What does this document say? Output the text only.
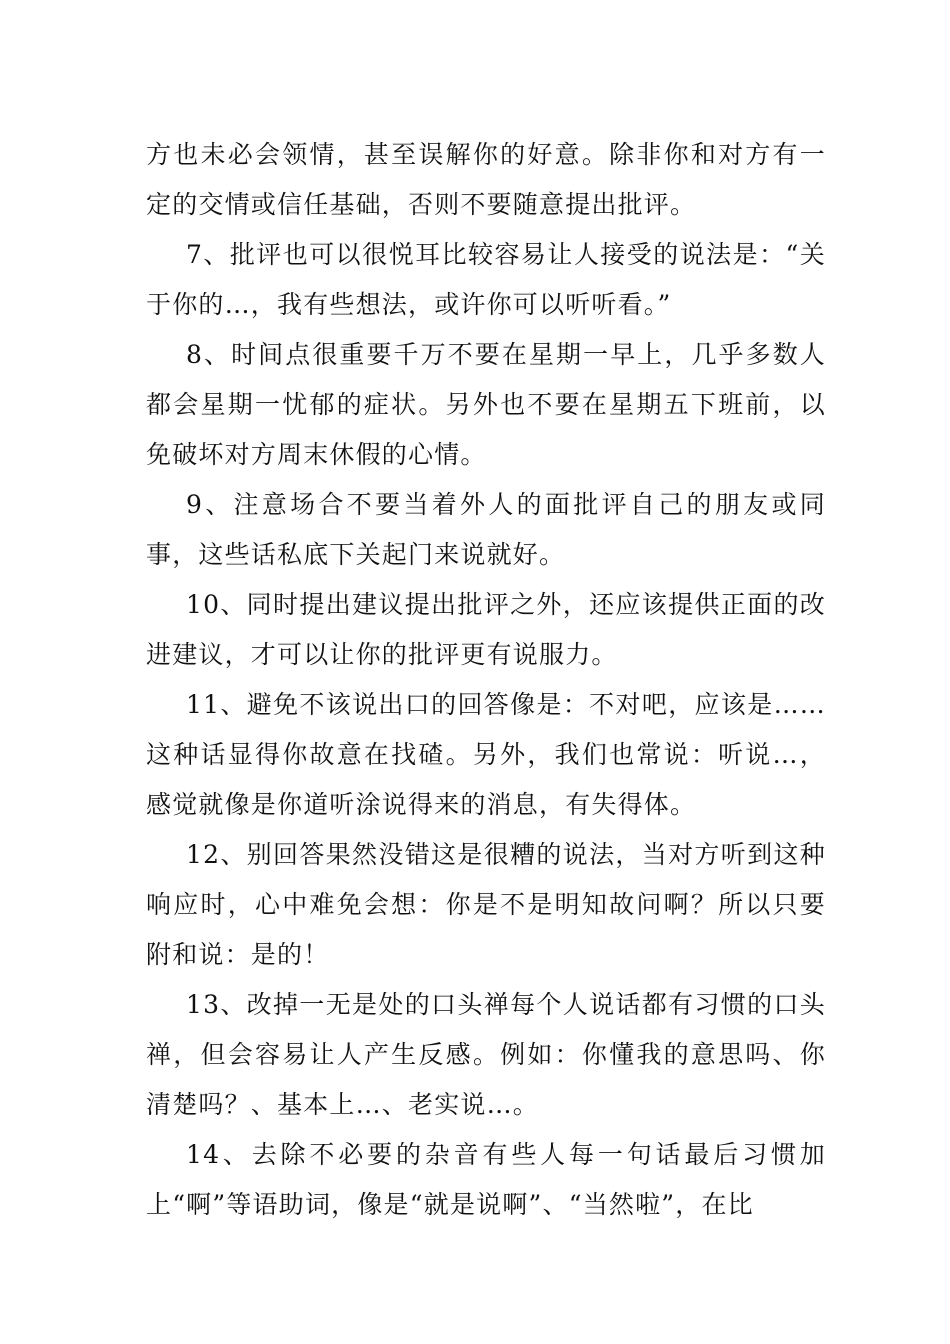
方也未必会领情，甚至误解你的好意。除非你和对方有一定的交情或信任基础，否则不要随意提出批评。

7、批评也可以很悦耳比较容易让人接受的说法是：“关于你的…，我有些想法，或许你可以听听看。”

8、时间点很重要千万不要在星期一早上，几乎多数人都会星期一忧郁的症状。另外也不要在星期五下班前，以免破坏对方周末休假的心情。

9、注意场合不要当着外人的面批评自己的朋友或同事，这些话私底下关起门来说就好。

10、同时提出建议提出批评之外，还应该提供正面的改进建议，才可以让你的批评更有说服力。

11、避免不该说出口的回答像是：不对吧，应该是……这种话显得你故意在找碴。另外，我们也常说：听说…，感觉就像是你道听涂说得来的消息，有失得体。

12、别回答果然没错这是很糟的说法，当对方听到这种响应时，心中难免会想：你是不是明知故问啊？所以只要附和说：是的！

13、改掉一无是处的口头禅每个人说话都有习惯的口头禅，但会容易让人产生反感。例如：你懂我的意思吗、你清楚吗？、基本上…、老实说…。

14、去除不必要的杂音有些人每一句话最后习惯加上“啊”等语助词，像是“就是说啊”、“当然啦”，在比
